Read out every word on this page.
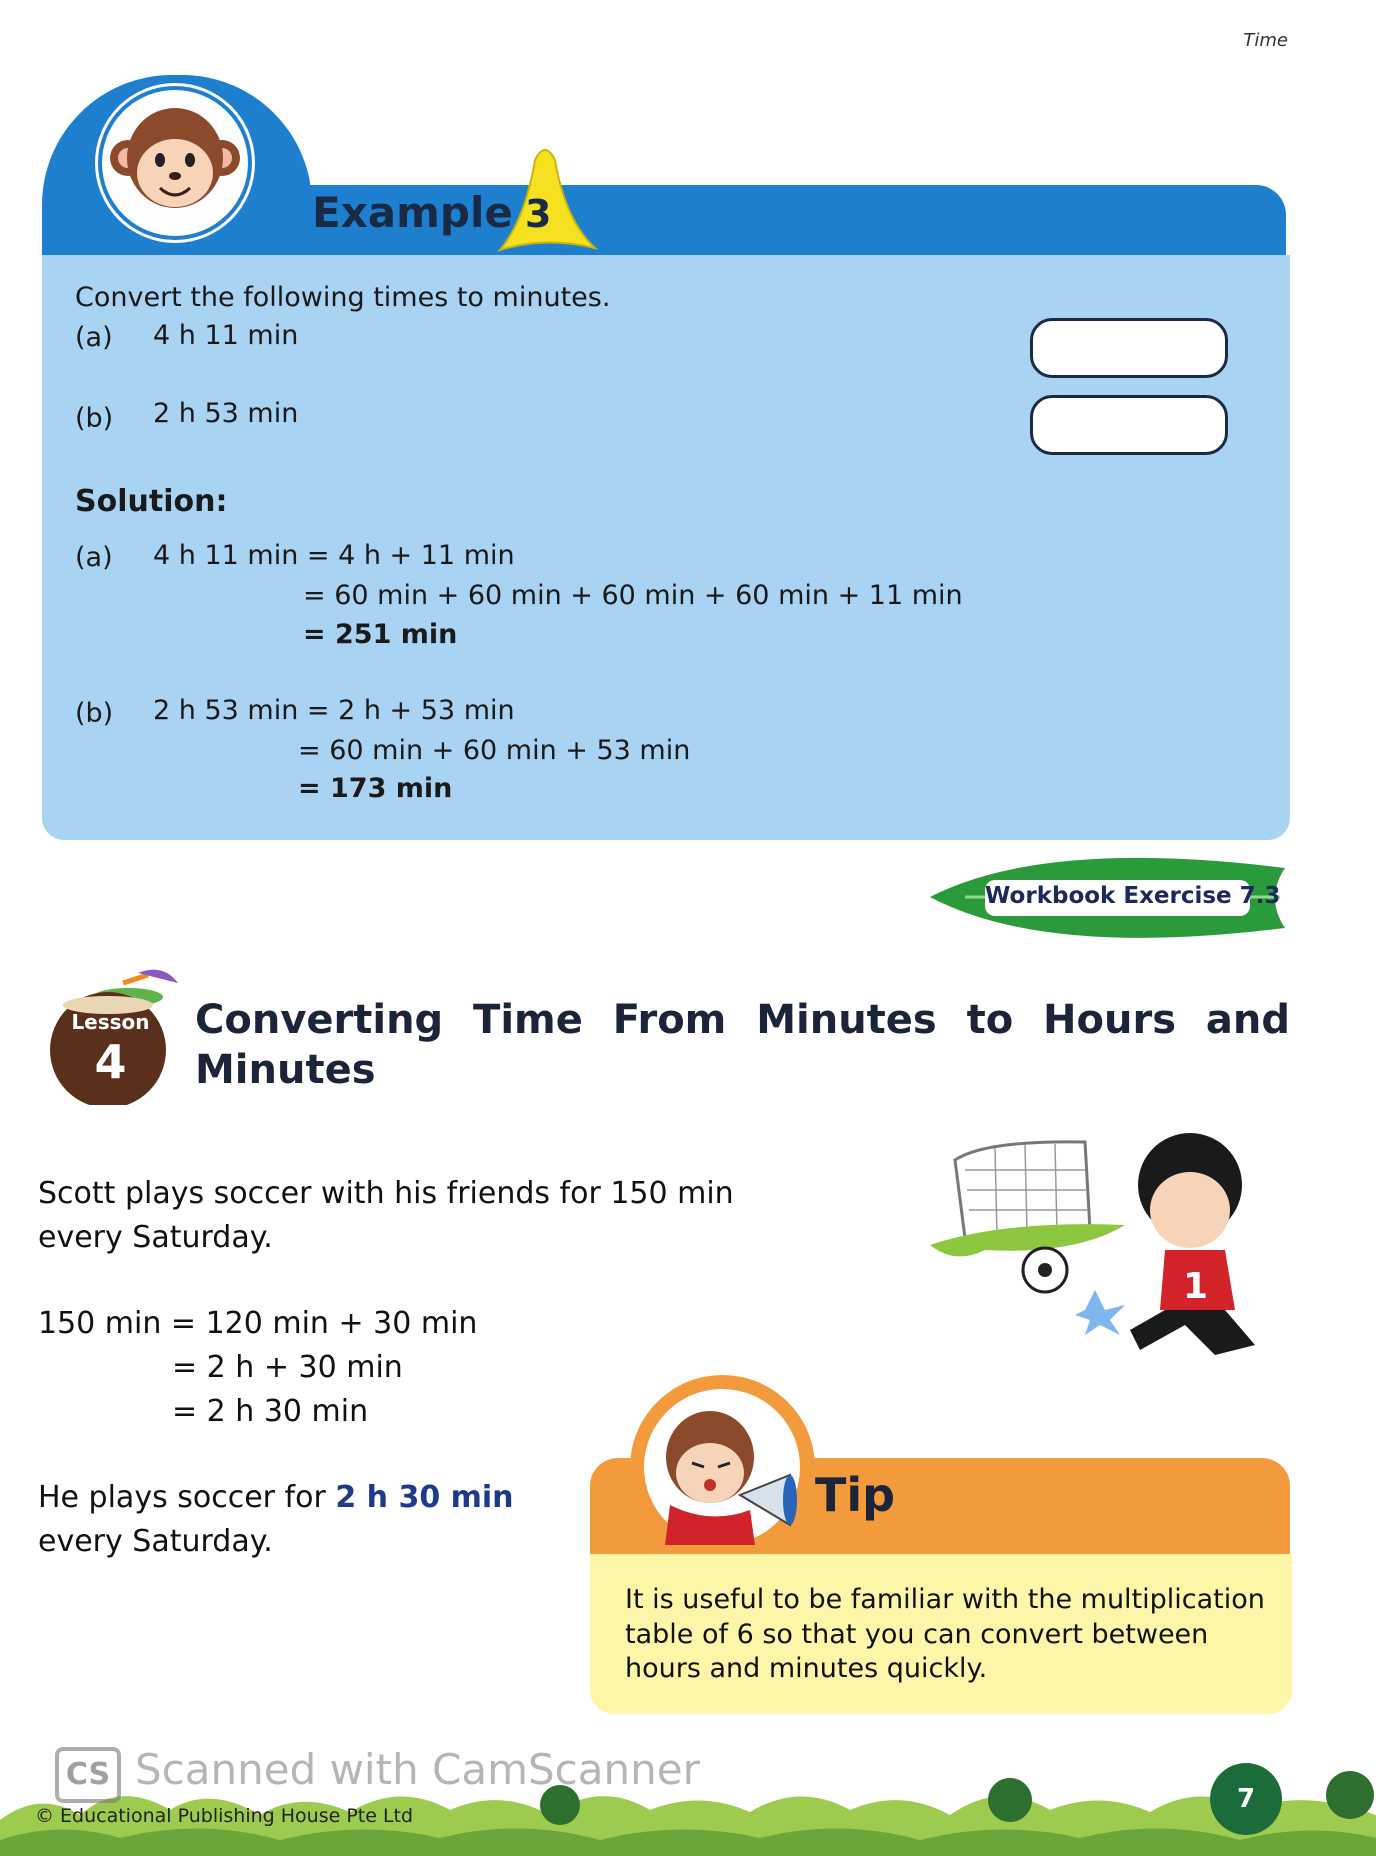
Time
Example 3
Convert the following times to minutes.
(a) 4 h 11 min
(b) 2 h 53 min
Solution:
(a) 4 h 11 min = 4 h + 11 min
= 60 min + 60 min + 60 min + 60 min + 11 min
= 251 min
(b) 2 h 53 min = 2 h + 53 min
= 60 min + 60 min + 53 min
= 173 min
Workbook Exercise 7.3
Lesson
4
Converting Time From Minutes to Hours and Minutes
Scott plays soccer with his friends for 150 min
every Saturday.
150 min = 120 min + 30 min
= 2 h + 30 min
= 2 h 30 min
He plays soccer for 2 h 30 min
every Saturday.
1
Tip
It is useful to be familiar with the multiplication table of 6 so that you can convert between hours and minutes quickly.
CS Scanned with CamScanner
© Educational Publishing House Pte Ltd
7
